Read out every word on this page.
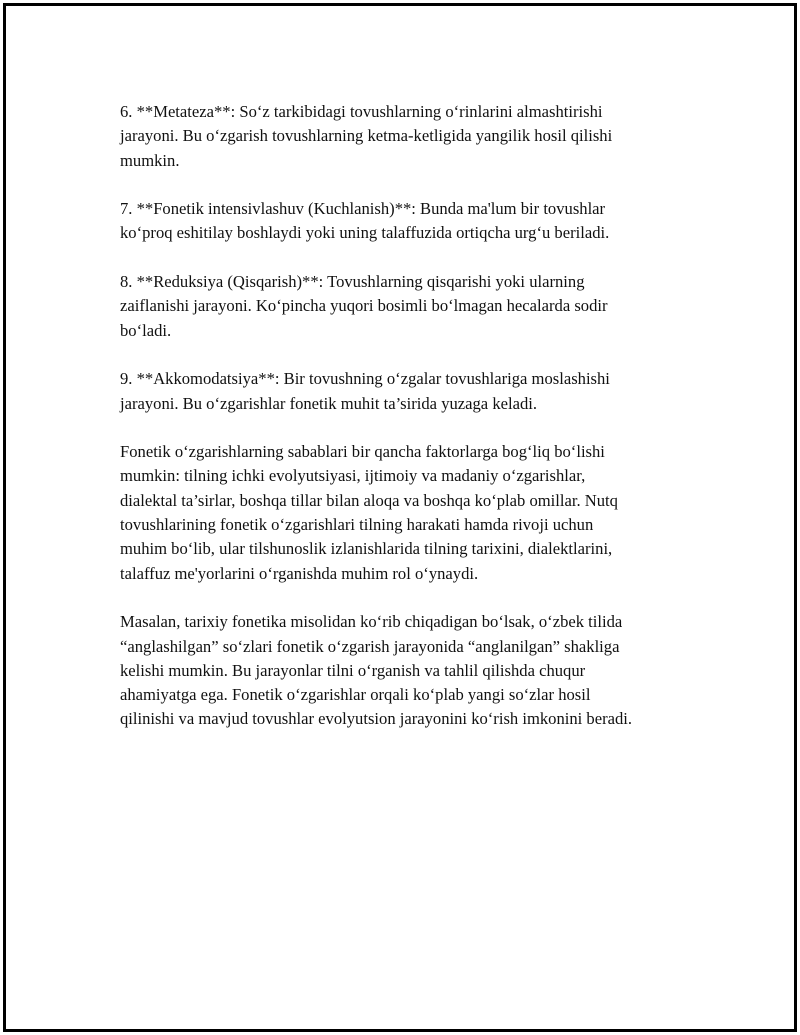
6. **Metateza**: So‘z tarkibidagi tovushlarning o‘rinlarini almashtirishi
jarayoni. Bu o‘zgarish tovushlarning ketma-ketligida yangilik hosil qilishi
mumkin.

7. **Fonetik intensivlashuv (Kuchlanish)**: Bunda ma'lum bir tovushlar
ko‘proq eshitilay boshlaydi yoki uning talaffuzida ortiqcha urg‘u beriladi.

8. **Reduksiya (Qisqarish)**: Tovushlarning qisqarishi yoki ularning
zaiflanishi jarayoni. Ko‘pincha yuqori bosimli bo‘lmagan hecalarda sodir
bo‘ladi.

9. **Akkomodatsiya**: Bir tovushning o‘zgalar tovushlariga moslashishi
jarayoni. Bu o‘zgarishlar fonetik muhit ta’sirida yuzaga keladi.

Fonetik o‘zgarishlarning sabablari bir qancha faktorlarga bog‘liq bo‘lishi
mumkin: tilning ichki evolyutsiyasi, ijtimoiy va madaniy o‘zgarishlar,
dialektal ta’sirlar, boshqa tillar bilan aloqa va boshqa ko‘plab omillar. Nutq
tovushlarining fonetik o‘zgarishlari tilning harakati hamda rivoji uchun
muhim bo‘lib, ular tilshunoslik izlanishlarida tilning tarixini, dialektlarini,
talaffuz me'yorlarini o‘rganishda muhim rol o‘ynaydi.

Masalan, tarixiy fonetika misolidan ko‘rib chiqadigan bo‘lsak, o‘zbek tilida
“anglashilgan” so‘zlari fonetik o‘zgarish jarayonida “anglanilgan” shakliga
kelishi mumkin. Bu jarayonlar tilni o‘rganish va tahlil qilishda chuqur
ahamiyatga ega. Fonetik o‘zgarishlar orqali ko‘plab yangi so‘zlar hosil
qilinishi va mavjud tovushlar evolyutsion jarayonini ko‘rish imkonini beradi.
